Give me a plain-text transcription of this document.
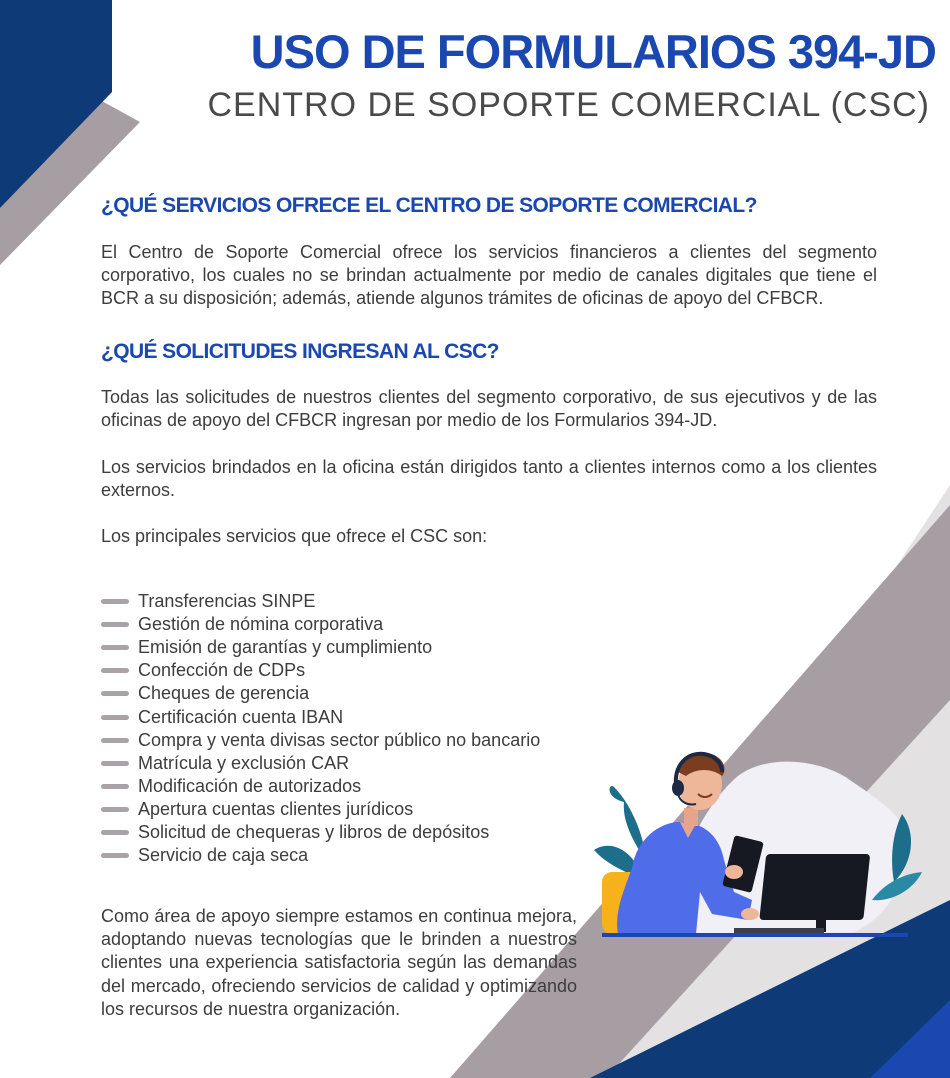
USO DE FORMULARIOS 394-JD
CENTRO DE SOPORTE COMERCIAL (CSC)
¿QUÉ SERVICIOS OFRECE EL CENTRO DE SOPORTE COMERCIAL?

El Centro de Soporte Comercial ofrece los servicios financieros a clientes del segmento corporativo, los cuales no se brindan actualmente por medio de canales digitales que tiene el BCR a su disposición; además, atiende algunos trámites de oficinas de apoyo del CFBCR.

¿QUÉ SOLICITUDES INGRESAN AL CSC?

Todas las solicitudes de nuestros clientes del segmento corporativo, de sus ejecutivos y de las oficinas de apoyo del CFBCR ingresan por medio de los Formularios 394-JD.

Los servicios brindados en la oficina están dirigidos tanto a clientes internos como a los clientes externos.

Los principales servicios que ofrece el CSC son:

Transferencias SINPE
Gestión de nómina corporativa
Emisión de garantías y cumplimiento
Confección de CDPs
Cheques de gerencia
Certificación cuenta IBAN
Compra y venta divisas sector público no bancario
Matrícula y exclusión CAR
Modificación de autorizados
Apertura cuentas clientes jurídicos
Solicitud de chequeras y libros de depósitos
Servicio de caja seca

Como área de apoyo siempre estamos en continua mejora, adoptando nuevas tecnologías que le brinden a nuestros clientes una experiencia satisfactoria según las demandas del mercado, ofreciendo servicios de calidad y optimizando los recursos de nuestra organización.
